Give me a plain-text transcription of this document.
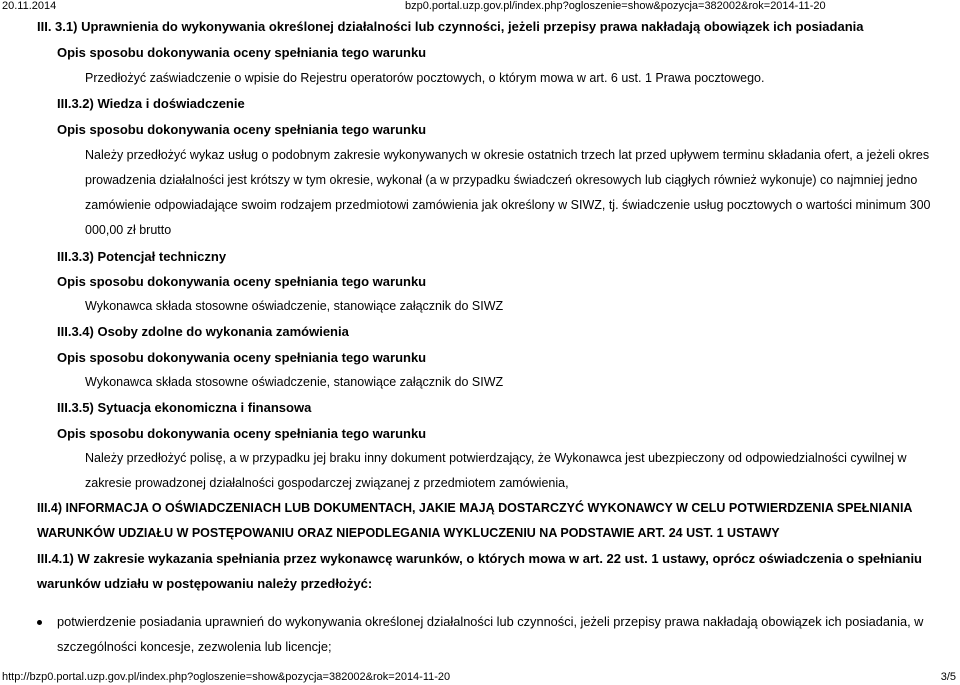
20.11.2014	bzp0.portal.uzp.gov.pl/index.php?ogloszenie=show&pozycja=382002&rok=2014-11-20
III. 3.1) Uprawnienia do wykonywania określonej działalności lub czynności, jeżeli przepisy prawa nakładają obowiązek ich posiadania
Opis sposobu dokonywania oceny spełniania tego warunku
Przedłożyć zaświadczenie o wpisie do Rejestru operatorów pocztowych, o którym mowa w art. 6 ust. 1 Prawa pocztowego.
III.3.2) Wiedza i doświadczenie
Opis sposobu dokonywania oceny spełniania tego warunku
Należy przedłożyć wykaz usług o podobnym zakresie wykonywanych w okresie ostatnich trzech lat przed upływem terminu składania ofert, a jeżeli okres
prowadzenia działalności jest krótszy w tym okresie, wykonał (a w przypadku świadczeń okresowych lub ciągłych również wykonuje) co najmniej jedno
zamówienie odpowiadające swoim rodzajem przedmiotowi zamówienia jak określony w SIWZ, tj. świadczenie usług pocztowych o wartości minimum 300
000,00 zł brutto
III.3.3) Potencjał techniczny
Opis sposobu dokonywania oceny spełniania tego warunku
Wykonawca składa stosowne oświadczenie, stanowiące załącznik do SIWZ
III.3.4) Osoby zdolne do wykonania zamówienia
Opis sposobu dokonywania oceny spełniania tego warunku
Wykonawca składa stosowne oświadczenie, stanowiące załącznik do SIWZ
III.3.5) Sytuacja ekonomiczna i finansowa
Opis sposobu dokonywania oceny spełniania tego warunku
Należy przedłożyć polisę, a w przypadku jej braku inny dokument potwierdzający, że Wykonawca jest ubezpieczony od odpowiedzialności cywilnej w
zakresie prowadzonej działalności gospodarczej związanej z przedmiotem zamówienia,
III.4) INFORMACJA O OŚWIADCZENIACH LUB DOKUMENTACH, JAKIE MAJĄ DOSTARCZYĆ WYKONAWCY W CELU POTWIERDZENIA SPEŁNIANIA
WARUNKÓW UDZIAŁU W POSTĘPOWANIU ORAZ NIEPODLEGANIA WYKLUCZENIU NA PODSTAWIE ART. 24 UST. 1 USTAWY
III.4.1) W zakresie wykazania spełniania przez wykonawcę warunków, o których mowa w art. 22 ust. 1 ustawy, oprócz oświadczenia o spełnianiu
warunków udziału w postępowaniu należy przedłożyć:
potwierdzenie posiadania uprawnień do wykonywania określonej działalności lub czynności, jeżeli przepisy prawa nakładają obowiązek ich posiadania, w
szczególności koncesje, zezwolenia lub licencje;
http://bzp0.portal.uzp.gov.pl/index.php?ogloszenie=show&pozycja=382002&rok=2014-11-20	3/5
